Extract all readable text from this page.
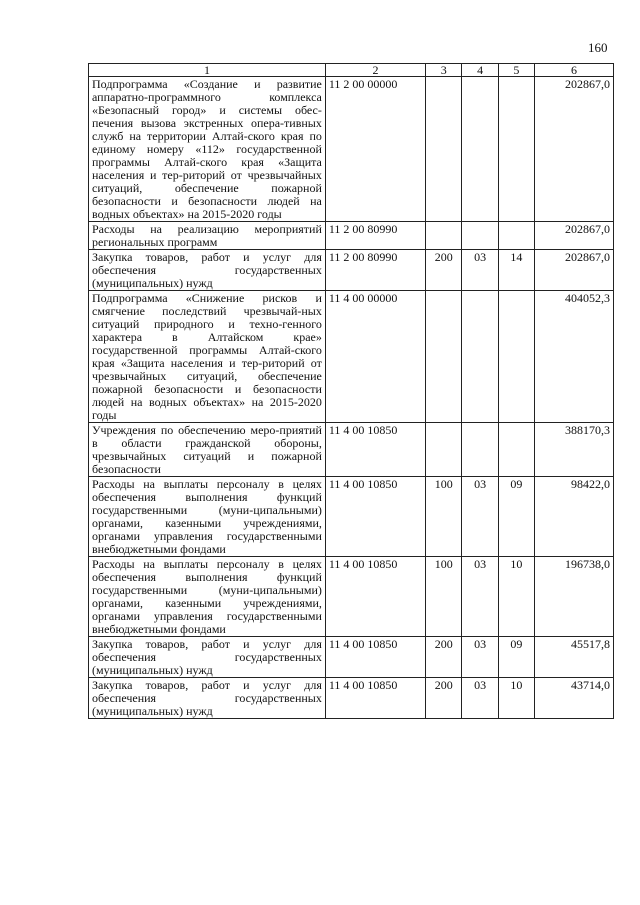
160
1	2	3	4	5	6
Подпрограмма «Создание и развитие аппаратно-программного комплекса «Безопасный город» и системы обес-печения вызова экстренных опера-тивных служб на территории Алтай-ского края по единому номеру «112» государственной программы Алтай-ского края «Защита населения и тер-риторий от чрезвычайных ситуаций, обеспечение пожарной безопасности и безопасности людей на водных объектах» на 2015-2020 годы	11 2 00 00000				202867,0
Расходы на реализацию мероприятий региональных программ	11 2 00 80990				202867,0
Закупка товаров, работ и услуг для обеспечения государственных (муниципальных) нужд	11 2 00 80990	200	03	14	202867,0
Подпрограмма «Снижение рисков и смягчение последствий чрезвычай-ных ситуаций природного и техно-генного характера в Алтайском крае» государственной программы Алтай-ского края «Защита населения и тер-риторий от чрезвычайных ситуаций, обеспечение пожарной безопасности и безопасности людей на водных объектах» на 2015-2020 годы	11 4 00 00000				404052,3
Учреждения по обеспечению меро-приятий в области гражданской обороны, чрезвычайных ситуаций и пожарной безопасности	11 4 00 10850				388170,3
Расходы на выплаты персоналу в целях обеспечения выполнения функций государственными (муни-ципальными) органами, казенными учреждениями, органами управления государственными внебюджетными фондами	11 4 00 10850	100	03	09	98422,0
Расходы на выплаты персоналу в целях обеспечения выполнения функций государственными (муни-ципальными) органами, казенными учреждениями, органами управления государственными внебюджетными фондами	11 4 00 10850	100	03	10	196738,0
Закупка товаров, работ и услуг для обеспечения государственных (муниципальных) нужд	11 4 00 10850	200	03	09	45517,8
Закупка товаров, работ и услуг для обеспечения государственных (муниципальных) нужд	11 4 00 10850	200	03	10	43714,0
